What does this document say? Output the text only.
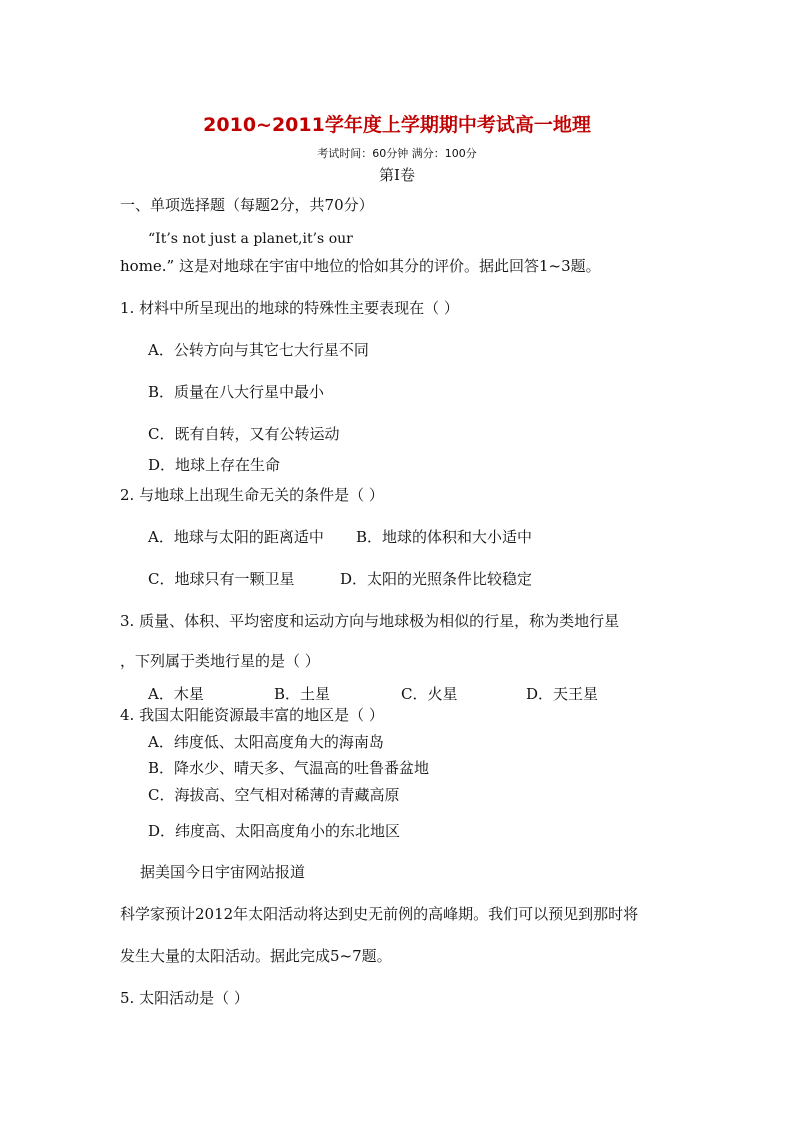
2010~2011学年度上学期期中考试高一地理
考试时间：60分钟 满分：100分
第Ⅰ卷
一、单项选择题（每题2分，共70分）
“It’s not just a planet,it’s our
home.” 这是对地球在宇宙中地位的恰如其分的评价。据此回答1~3题。
1. 材料中所呈现出的地球的特殊性主要表现在（ ）
A．公转方向与其它七大行星不同
B．质量在八大行星中最小
C．既有自转，又有公转运动
D．地球上存在生命
2. 与地球上出现生命无关的条件是（ ）
A．地球与太阳的距离适中 B．地球的体积和大小适中
C．地球只有一颗卫星	D．太阳的光照条件比较稳定
3. 质量、体积、平均密度和运动方向与地球极为相似的行星，称为类地行星
，下列属于类地行星的是（ ）
A．木星	B．土星	C．火星	D．天王星
4. 我国太阳能资源最丰富的地区是（ ）
A．纬度低、太阳高度角大的海南岛
B．降水少、晴天多、气温高的吐鲁番盆地
C．海拔高、空气相对稀薄的青藏高原
D．纬度高、太阳高度角小的东北地区
据美国今日宇宙网站报道
科学家预计2012年太阳活动将达到史无前例的高峰期。我们可以预见到那时将
发生大量的太阳活动。据此完成5~7题。
5. 太阳活动是（ ）
